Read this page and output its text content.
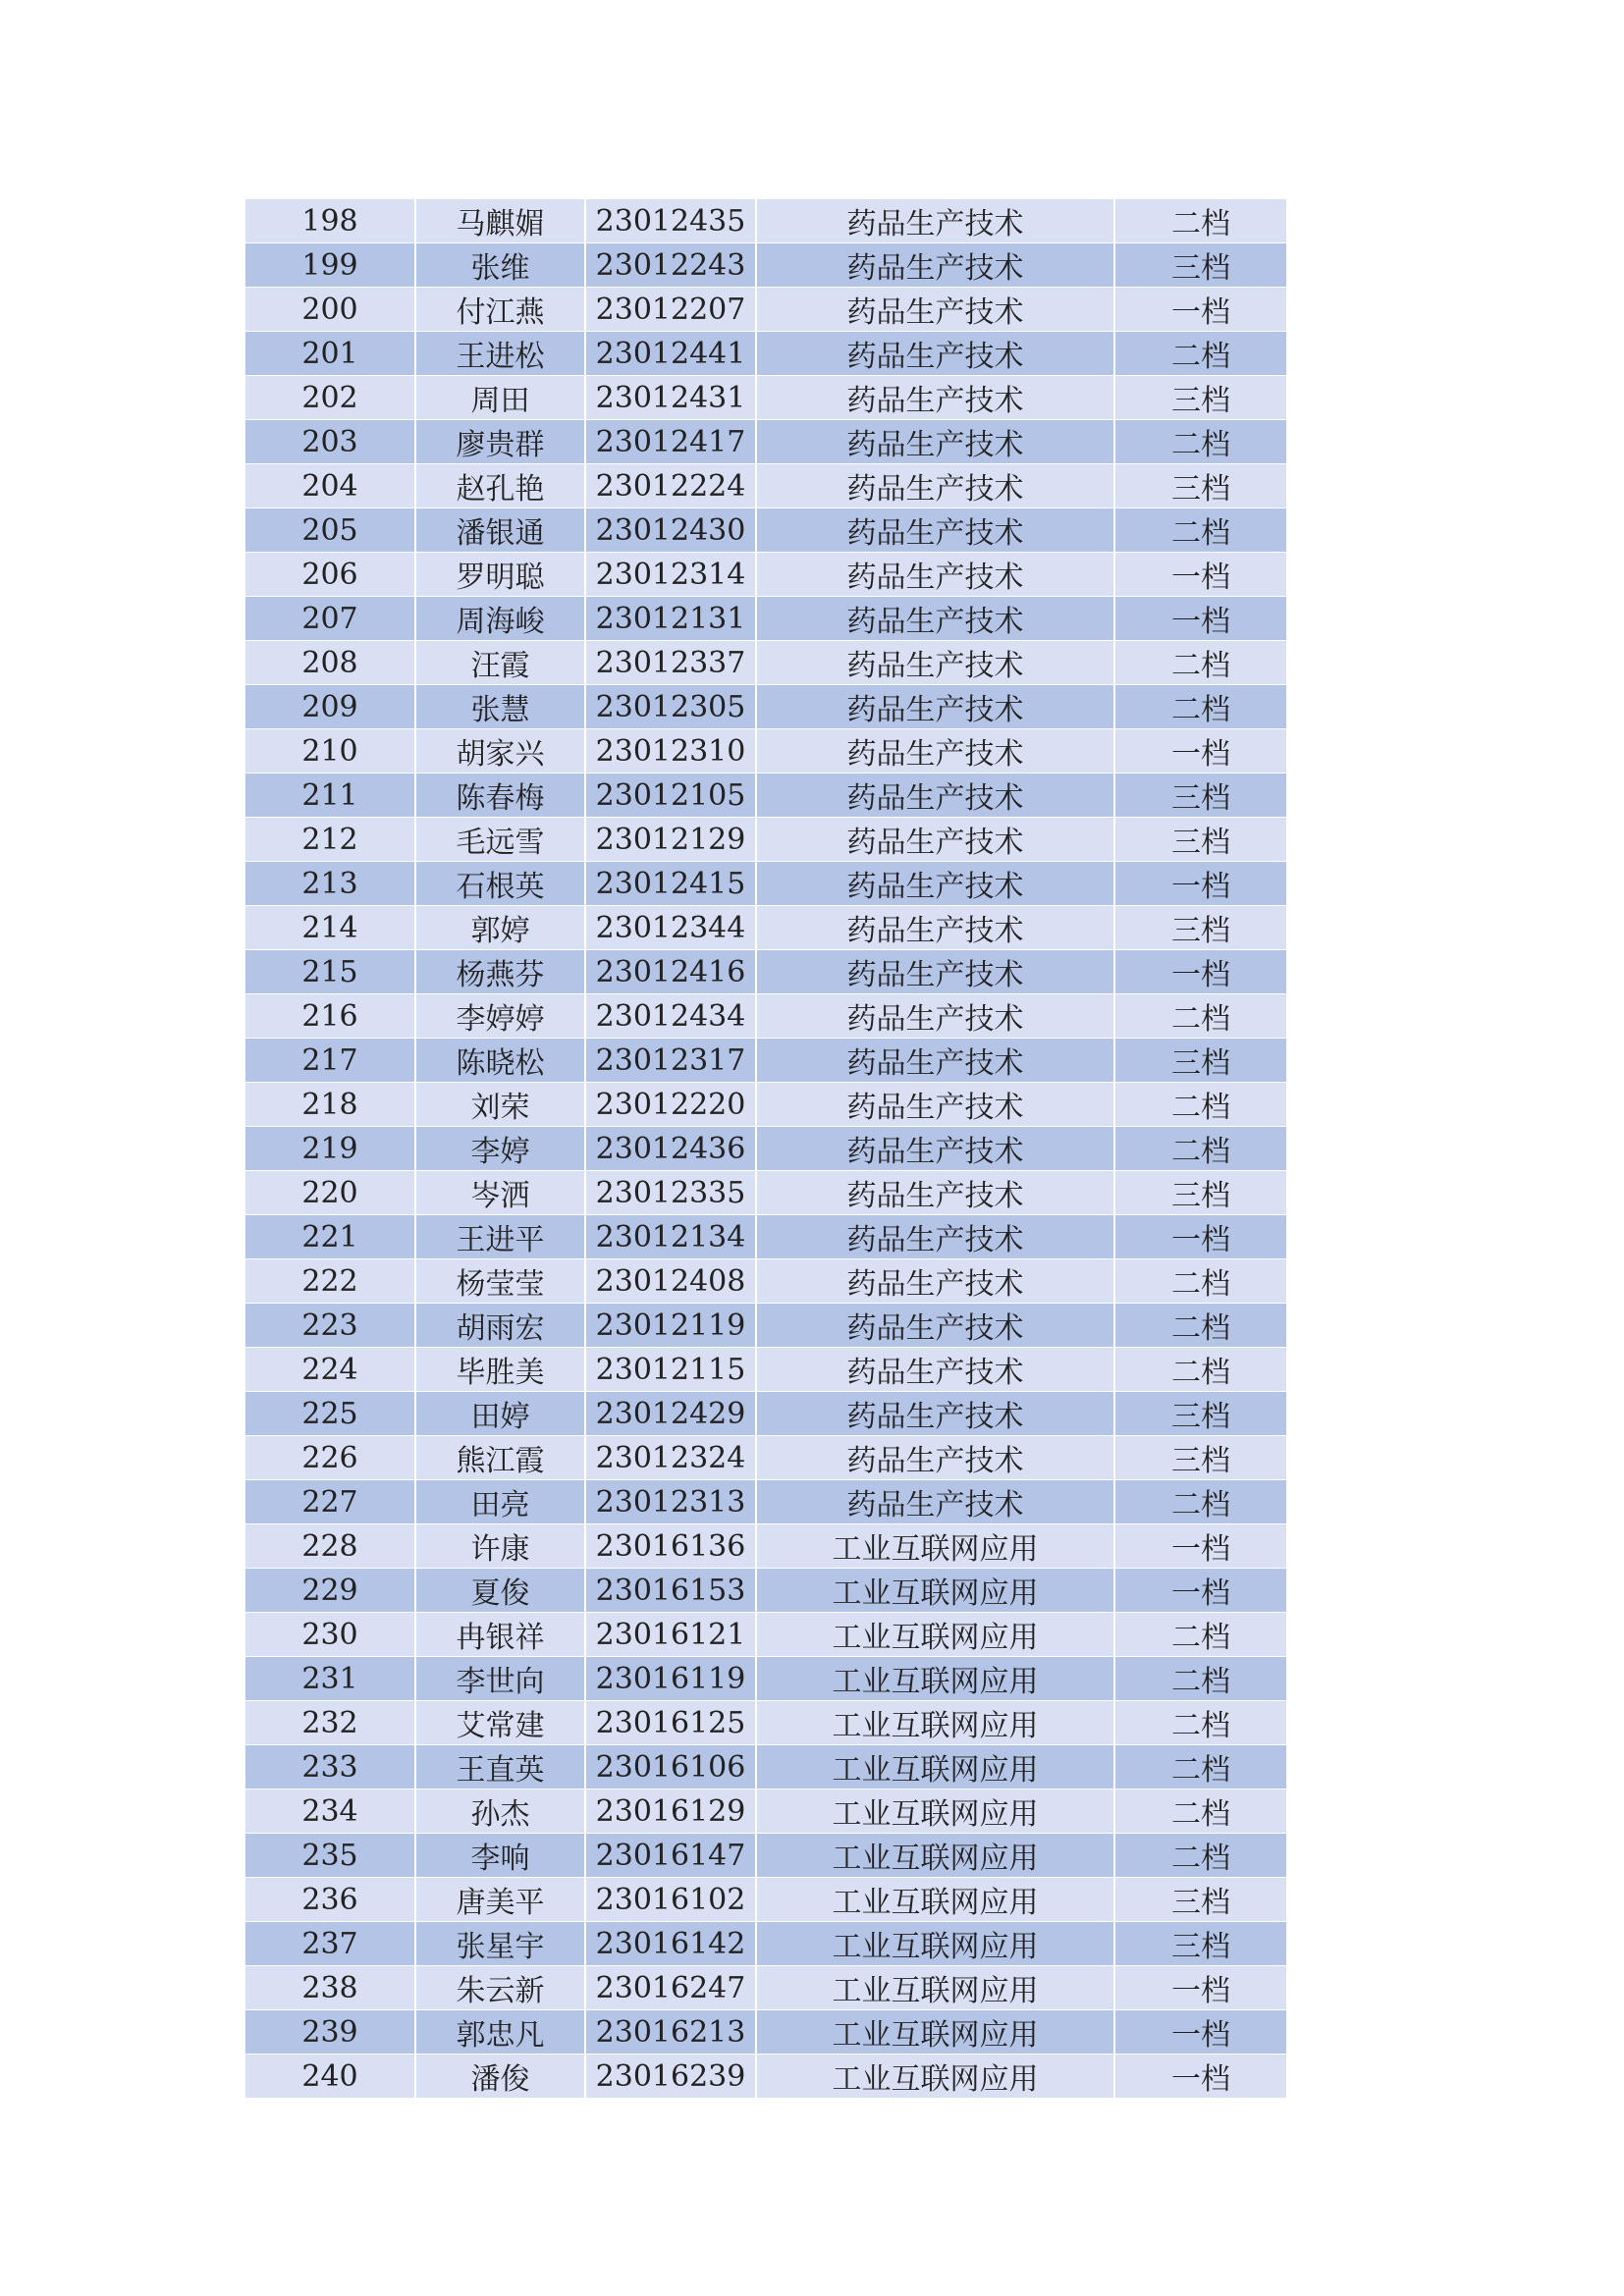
198	马麒媚	23012435	药品生产技术	二档
199	张维	23012243	药品生产技术	三档
200	付江燕	23012207	药品生产技术	一档
201	王进松	23012441	药品生产技术	二档
202	周田	23012431	药品生产技术	三档
203	廖贵群	23012417	药品生产技术	二档
204	赵孔艳	23012224	药品生产技术	三档
205	潘银通	23012430	药品生产技术	二档
206	罗明聪	23012314	药品生产技术	一档
207	周海峻	23012131	药品生产技术	一档
208	汪霞	23012337	药品生产技术	二档
209	张慧	23012305	药品生产技术	二档
210	胡家兴	23012310	药品生产技术	一档
211	陈春梅	23012105	药品生产技术	三档
212	毛远雪	23012129	药品生产技术	三档
213	石根英	23012415	药品生产技术	一档
214	郭婷	23012344	药品生产技术	三档
215	杨燕芬	23012416	药品生产技术	一档
216	李婷婷	23012434	药品生产技术	二档
217	陈晓松	23012317	药品生产技术	三档
218	刘荣	23012220	药品生产技术	二档
219	李婷	23012436	药品生产技术	二档
220	岑洒	23012335	药品生产技术	三档
221	王进平	23012134	药品生产技术	一档
222	杨莹莹	23012408	药品生产技术	二档
223	胡雨宏	23012119	药品生产技术	二档
224	毕胜美	23012115	药品生产技术	二档
225	田婷	23012429	药品生产技术	三档
226	熊江霞	23012324	药品生产技术	三档
227	田亮	23012313	药品生产技术	二档
228	许康	23016136	工业互联网应用	一档
229	夏俊	23016153	工业互联网应用	一档
230	冉银祥	23016121	工业互联网应用	二档
231	李世向	23016119	工业互联网应用	二档
232	艾常建	23016125	工业互联网应用	二档
233	王直英	23016106	工业互联网应用	二档
234	孙杰	23016129	工业互联网应用	二档
235	李响	23016147	工业互联网应用	二档
236	唐美平	23016102	工业互联网应用	三档
237	张星宇	23016142	工业互联网应用	三档
238	朱云新	23016247	工业互联网应用	一档
239	郭忠凡	23016213	工业互联网应用	一档
240	潘俊	23016239	工业互联网应用	一档
